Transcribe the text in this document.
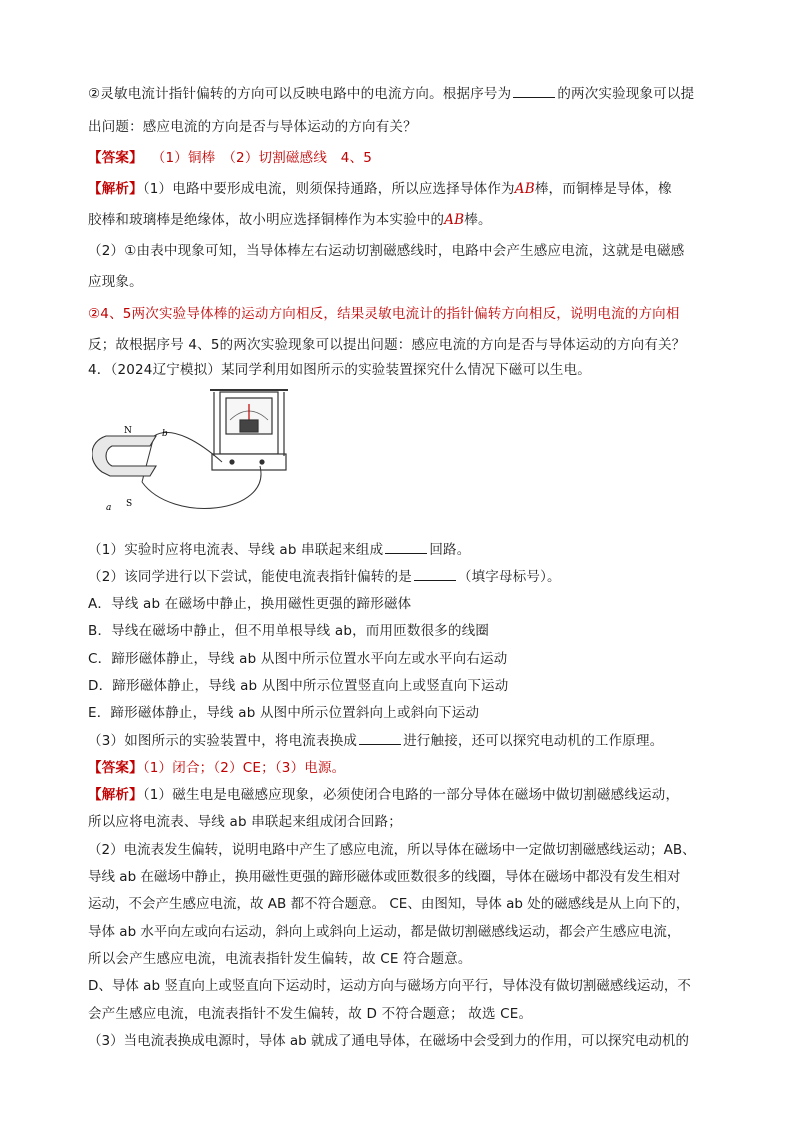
②灵敏电流计指针偏转的方向可以反映电路中的电流方向。根据序号为	的两次实验现象可以提
出问题：感应电流的方向是否与导体运动的方向有关？
【答案】 （1）铜棒　（2）切割磁感线　4、5
【解析】（1）电路中要形成电流，则须保持通路，所以应选择导体作为AB棒，而铜棒是导体，橡
胶棒和玻璃棒是绝缘体，故小明应选择铜棒作为本实验中的AB棒。
（2）①由表中现象可知，当导体棒左右运动切割磁感线时，电路中会产生感应电流，这就是电磁感
应现象。
②4、5两次实验导体棒的运动方向相反，结果灵敏电流计的指针偏转方向相反，说明电流的方向相
反；故根据序号 4、5的两次实验现象可以提出问题：感应电流的方向是否与导体运动的方向有关？
4．（2024辽宁模拟）某同学利用如图所示的实验装置探究什么情况下磁可以生电。
N
S
a
b
（1）实验时应将电流表、导线 ab 串联起来组成	回路。
（2）该同学进行以下尝试，能使电流表指针偏转的是	（填字母标号）。
A．导线 ab 在磁场中静止，换用磁性更强的蹄形磁体
B．导线在磁场中静止，但不用单根导线 ab，而用匝数很多的线圈
C．蹄形磁体静止，导线 ab 从图中所示位置水平向左或水平向右运动
D．蹄形磁体静止，导线 ab 从图中所示位置竖直向上或竖直向下运动
E．蹄形磁体静止，导线 ab 从图中所示位置斜向上或斜向下运动
（3）如图所示的实验装置中，将电流表换成	进行触接，还可以探究电动机的工作原理。
【答案】（1）闭合；（2）CE；（3）电源。
【解析】（1）磁生电是电磁感应现象，必须使闭合电路的一部分导体在磁场中做切割磁感线运动，
所以应将电流表、导线 ab 串联起来组成闭合回路；
（2）电流表发生偏转，说明电路中产生了感应电流，所以导体在磁场中一定做切割磁感线运动；AB、
导线 ab 在磁场中静止，换用磁性更强的蹄形磁体或匝数很多的线圈，导体在磁场中都没有发生相对
运动，不会产生感应电流，故 AB 都不符合题意。 CE、由图知，导体 ab 处的磁感线是从上向下的，
导体 ab 水平向左或向右运动，斜向上或斜向上运动，都是做切割磁感线运动，都会产生感应电流，
所以会产生感应电流，电流表指针发生偏转，故 CE 符合题意。
D、导体 ab 竖直向上或竖直向下运动时，运动方向与磁场方向平行，导体没有做切割磁感线运动，不
会产生感应电流，电流表指针不发生偏转，故 D 不符合题意； 故选 CE。
（3）当电流表换成电源时，导体 ab 就成了通电导体，在磁场中会受到力的作用，可以探究电动机的
